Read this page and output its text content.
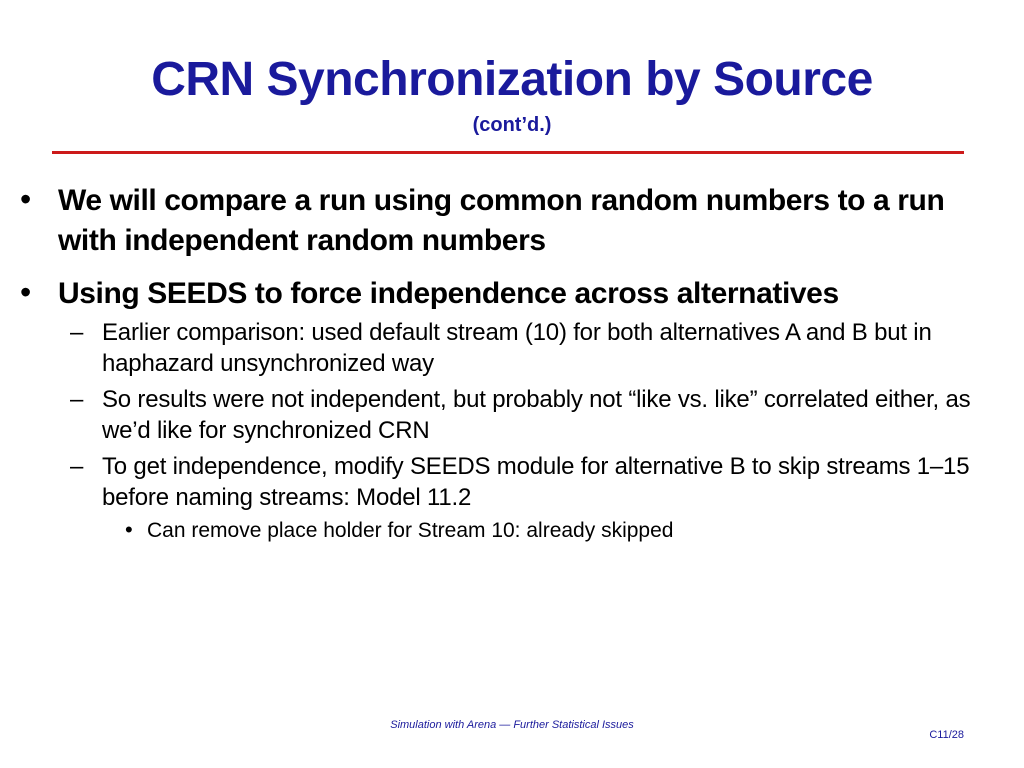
CRN Synchronization by Source
(cont’d.)
• We will compare a run using common random numbers to a run with independent random numbers
• Using SEEDS to force independence across alternatives
– Earlier comparison: used default stream (10) for both alternatives A and B but in haphazard unsynchronized way
– So results were not independent, but probably not “like vs. like” correlated either, as we’d like for synchronized CRN
– To get independence, modify SEEDS module for alternative B to skip streams 1–15 before naming streams: Model 11.2
• Can remove place holder for Stream 10: already skipped
Simulation with Arena — Further Statistical Issues
C11/28
